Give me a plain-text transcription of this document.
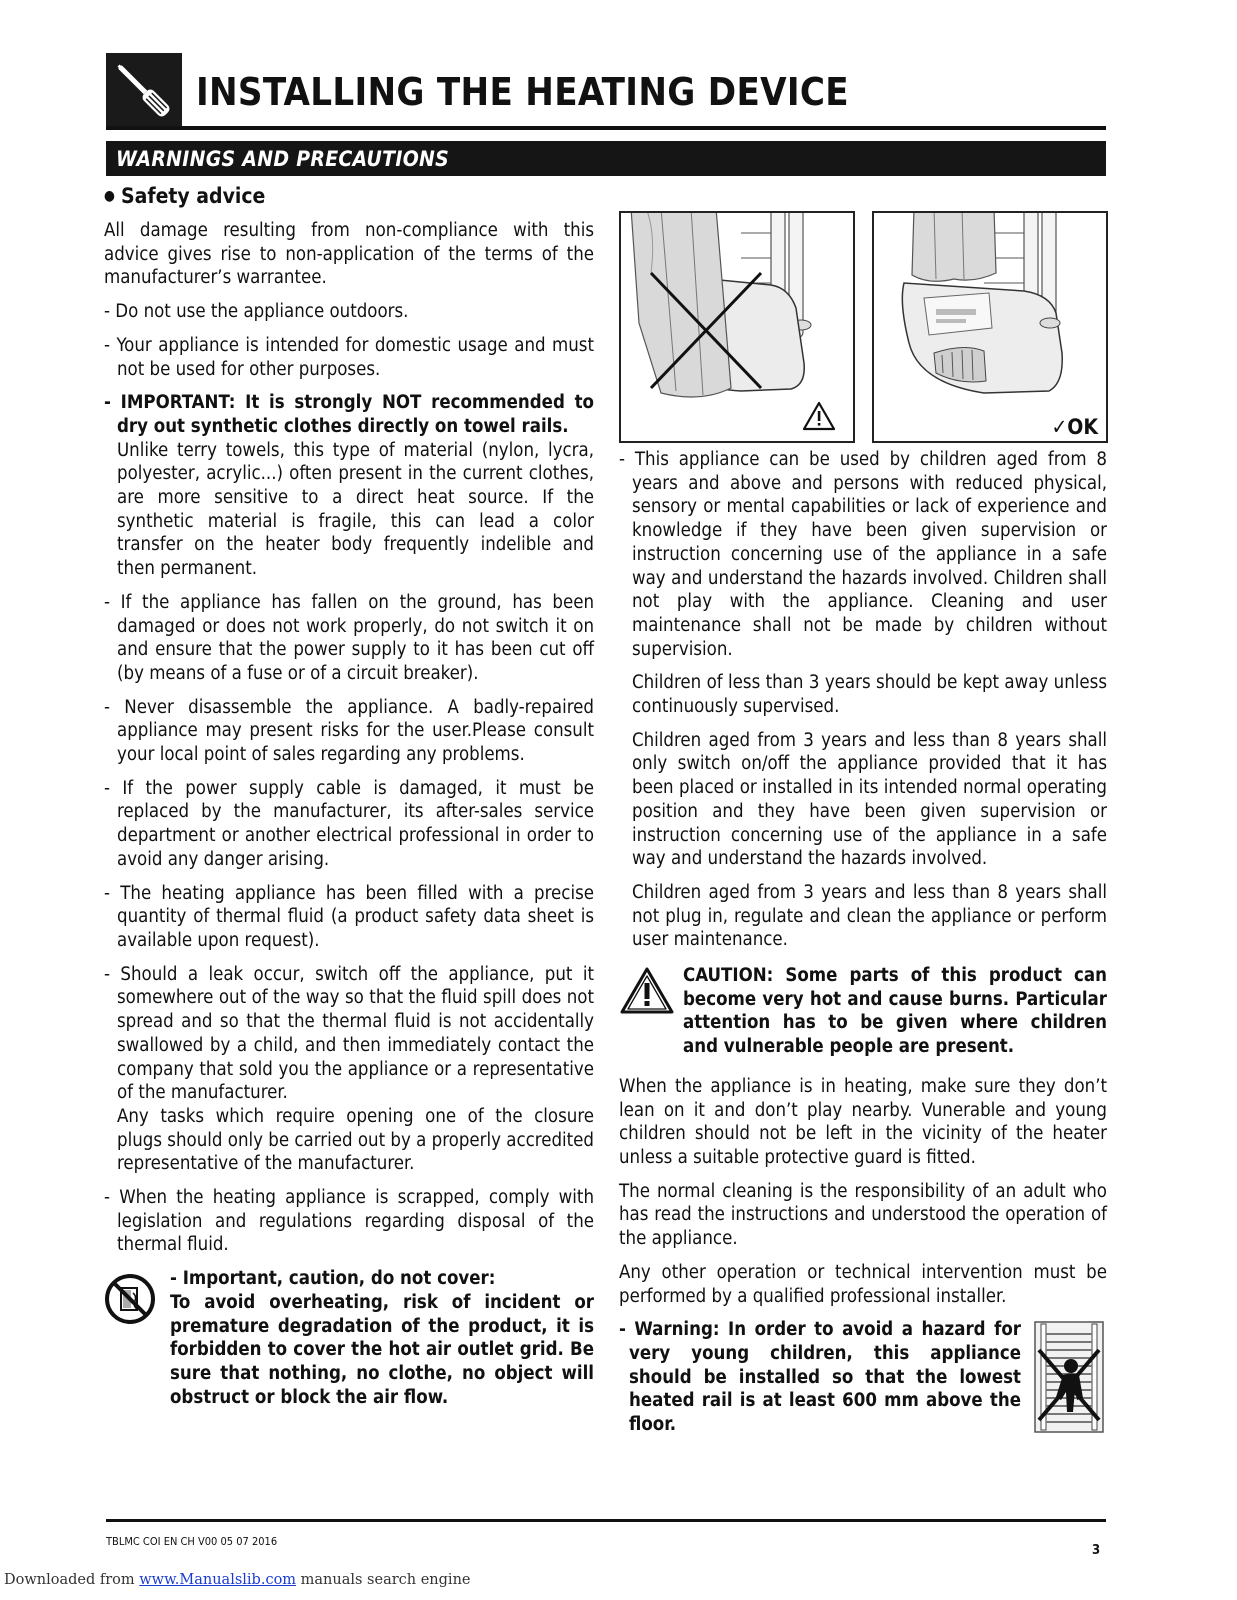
INSTALLING THE HEATING DEVICE
WARNINGS AND PRECAUTIONS
● Safety advice
All damage resulting from non-compliance with this advice gives rise to non-application of the terms of the manufacturer’s warrantee.
- Do not use the appliance outdoors.
- Your appliance is intended for domestic usage and must not be used for other purposes.
- IMPORTANT: It is strongly NOT recommended to dry out synthetic clothes directly on towel rails.
Unlike terry towels, this type of material (nylon, lycra, polyester, acrylic...) often present in the current clothes, are more sensitive to a direct heat source. If the synthetic material is fragile, this can lead a color transfer on the heater body frequently indelible and then permanent.
- If the appliance has fallen on the ground, has been damaged or does not work properly, do not switch it on and ensure that the power supply to it has been cut off (by means of a fuse or of a circuit breaker).
- Never disassemble the appliance. A badly-repaired appliance may present risks for the user.Please consult your local point of sales regarding any problems.
- If the power supply cable is damaged, it must be replaced by the manufacturer, its after-sales service department or another electrical professional in order to avoid any danger arising.
- The heating appliance has been filled with a precise quantity of thermal fluid (a product safety data sheet is available upon request).
- Should a leak occur, switch off the appliance, put it somewhere out of the way so that the fluid spill does not spread and so that the thermal fluid is not accidentally swallowed by a child, and then immediately contact the company that sold you the appliance or a representative of the manufacturer.
Any tasks which require opening one of the closure plugs should only be carried out by a properly accredited representative of the manufacturer.
- When the heating appliance is scrapped, comply with legislation and regulations regarding disposal of the thermal fluid.
- Important, caution, do not cover:
To avoid overheating, risk of incident or premature degradation of the product, it is forbidden to cover the hot air outlet grid. Be sure that nothing, no clothe, no object will obstruct or block the air flow.
✓OK
- This appliance can be used by children aged from 8 years and above and persons with reduced physical, sensory or mental capabilities or lack of experience and knowledge if they have been given supervision or instruction concerning use of the appliance in a safe way and understand the hazards involved. Children shall not play with the appliance. Cleaning and user maintenance shall not be made by children without supervision.
Children of less than 3 years should be kept away unless continuously supervised.
Children aged from 3 years and less than 8 years shall only switch on/off the appliance provided that it has been placed or installed in its intended normal operating position and they have been given supervision or instruction concerning use of the appliance in a safe way and understand the hazards involved.
Children aged from 3 years and less than 8 years shall not plug in, regulate and clean the appliance or perform user maintenance.
CAUTION: Some parts of this product can become very hot and cause burns. Particular attention has to be given where children and vulnerable people are present.
When the appliance is in heating, make sure they don’t lean on it and don’t play nearby. Vunerable and young children should not be left in the vicinity of the heater unless a suitable protective guard is fitted.
The normal cleaning is the responsibility of an adult who has read the instructions and understood the operation of the appliance.
Any other operation or technical intervention must be performed by a qualified professional installer.
- Warning: In order to avoid a hazard for very young children, this appliance should be installed so that the lowest heated rail is at least 600 mm above the floor.
TBLMC COI EN CH V00 05 07 2016
3
Downloaded from www.Manualslib.com manuals search engine
